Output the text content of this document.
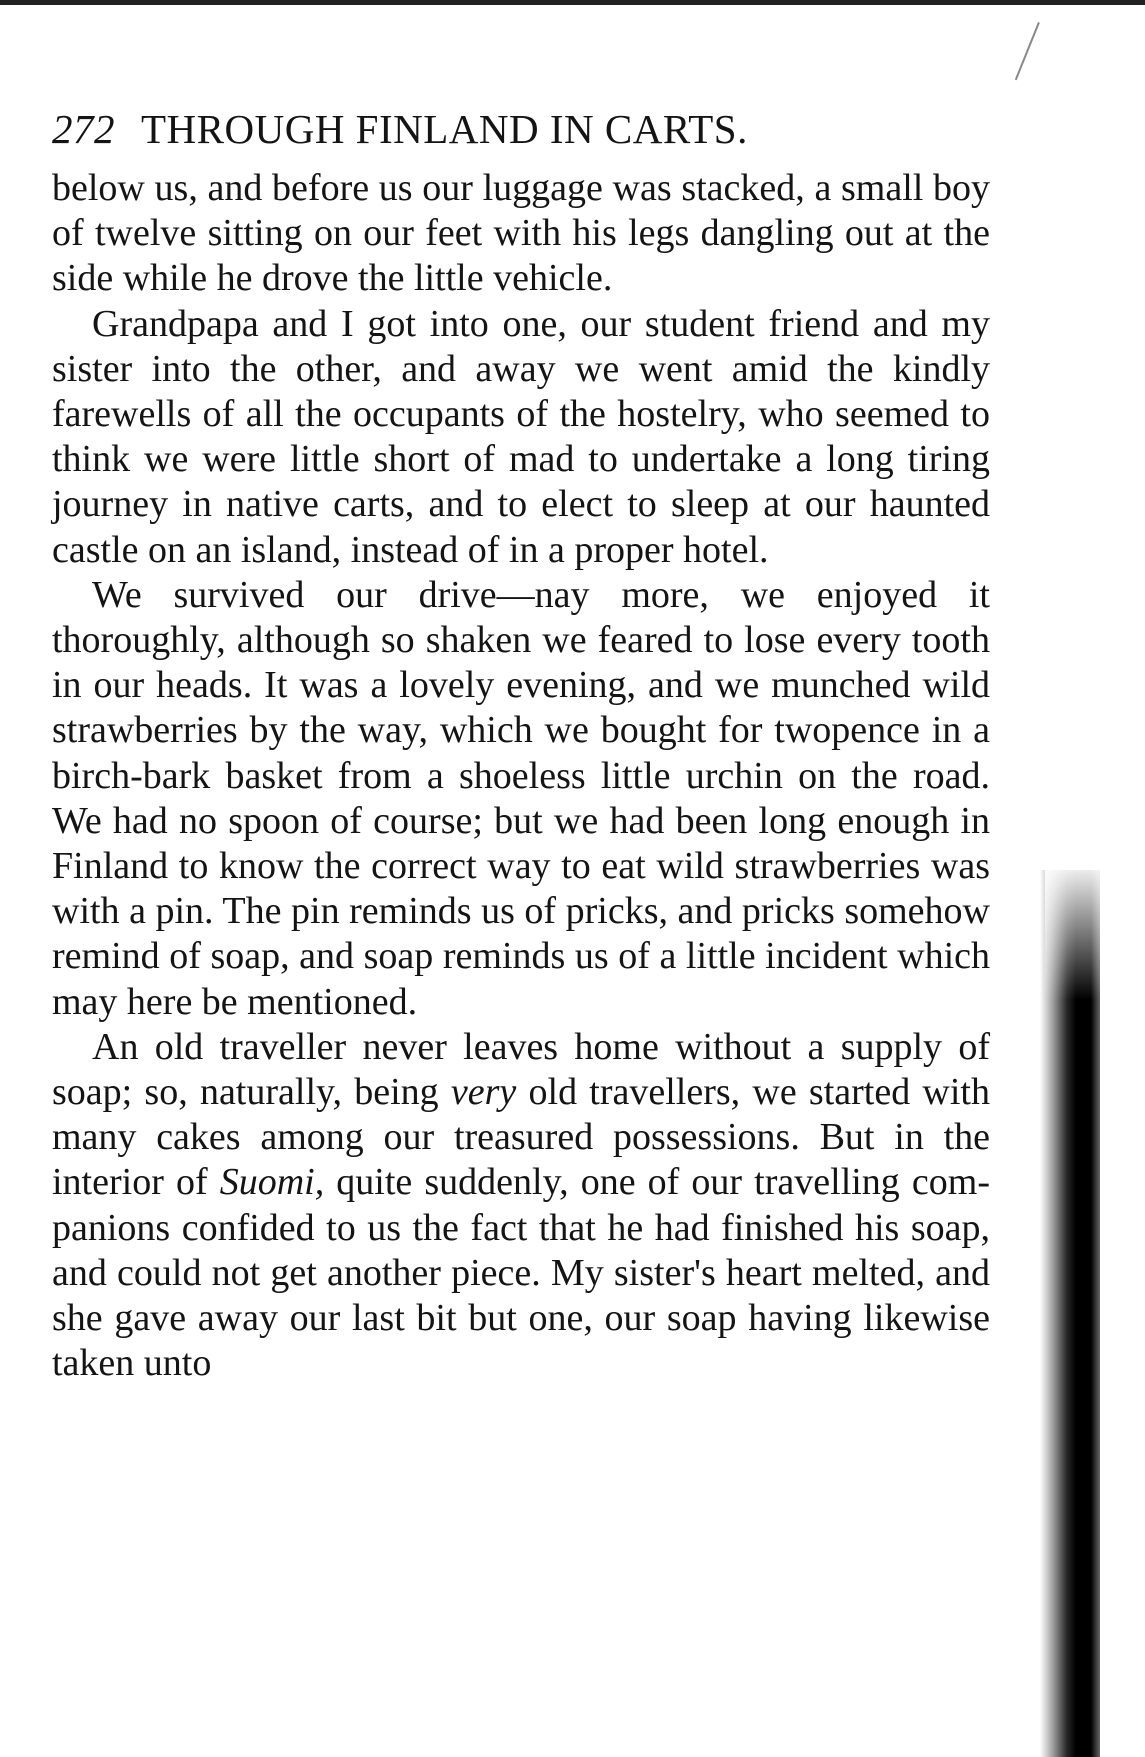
272 THROUGH FINLAND IN CARTS.

below us, and before us our luggage was stacked, a small boy of twelve sitting on our feet with his legs dangling out at the side while he drove the little vehicle.

Grandpapa and I got into one, our student friend and my sister into the other, and away we went amid the kindly farewells of all the occupants of the hostelry, who seemed to think we were little short of mad to undertake a long tiring journey in native carts, and to elect to sleep at our haunted castle on an island, instead of in a proper hotel.

We survived our drive—nay more, we enjoyed it thoroughly, although so shaken we feared to lose every tooth in our heads. It was a lovely evening, and we munched wild strawberries by the way, which we bought for twopence in a birch-bark basket from a shoeless little urchin on the road. We had no spoon of course; but we had been long enough in Finland to know the correct way to eat wild strawberries was with a pin. The pin reminds us of pricks, and pricks somehow remind of soap, and soap reminds us of a little incident which may here be mentioned.

An old traveller never leaves home without a supply of soap; so, naturally, being very old travellers, we started with many cakes among our treasured possessions. But in the interior of Suomi, quite suddenly, one of our travelling companions confided to us the fact that he had finished his soap, and could not get another piece. My sister's heart melted, and she gave away our last bit but one, our soap having likewise taken unto
